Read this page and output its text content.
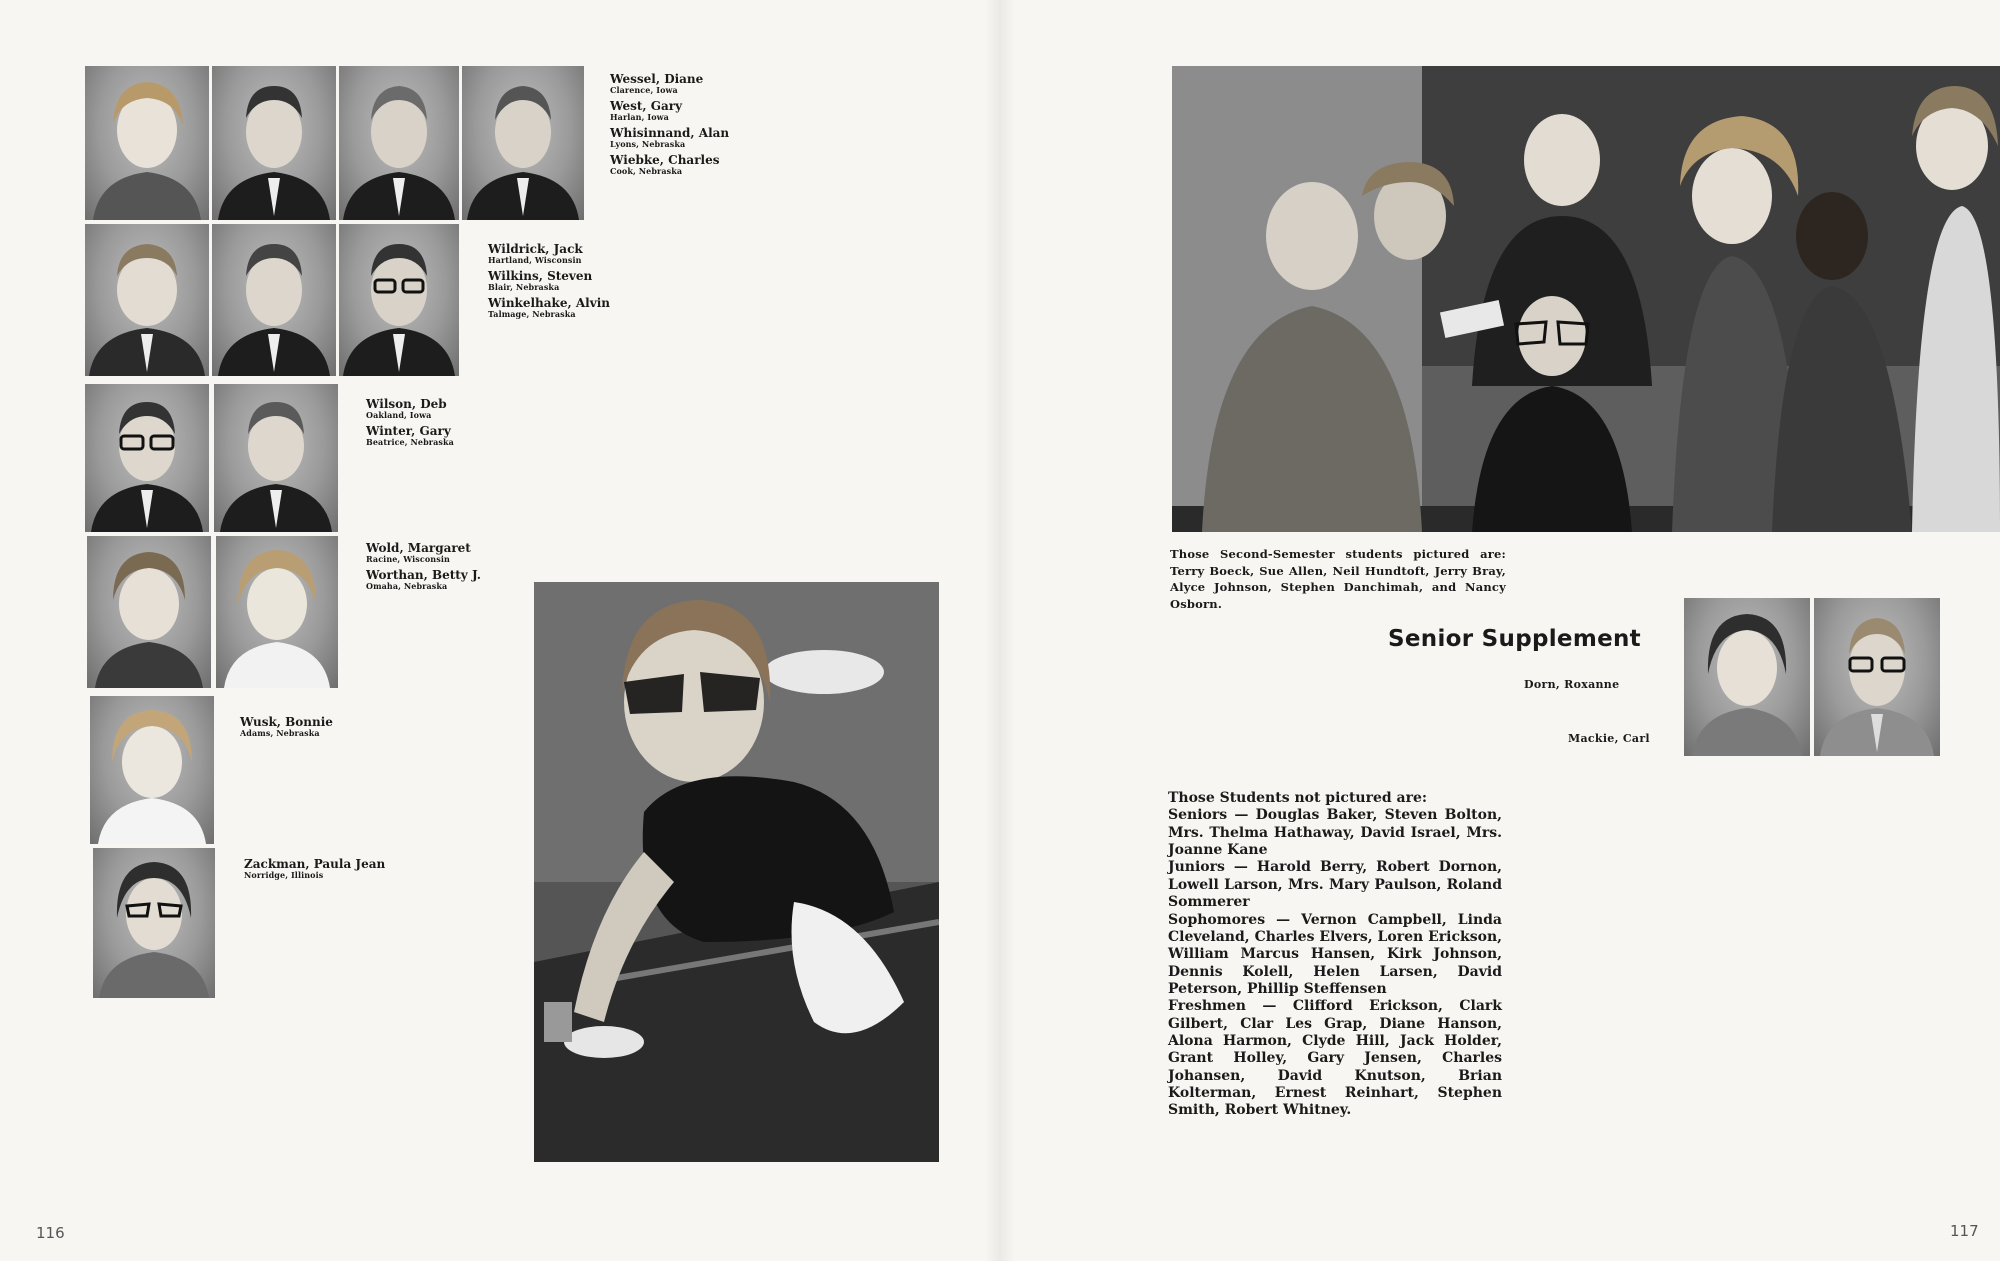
Wessel, Diane
Clarence, Iowa
West, Gary
Harlan, Iowa
Whisinnand, Alan
Lyons, Nebraska
Wiebke, Charles
Cook, Nebraska
Wildrick, Jack
Hartland, Wisconsin
Wilkins, Steven
Blair, Nebraska
Winkelhake, Alvin
Talmage, Nebraska
Wilson, Deb
Oakland, Iowa
Winter, Gary
Beatrice, Nebraska
Wold, Margaret
Racine, Wisconsin
Worthan, Betty J.
Omaha, Nebraska
Wusk, Bonnie
Adams, Nebraska
Zackman, Paula Jean
Norridge, Illinois
116
Those Second-Semester students pictured are: Terry Boeck, Sue Allen, Neil Hundtoft, Jerry Bray, Alyce Johnson, Stephen Danchimah, and Nancy Osborn.
Senior Supplement
Dorn, Roxanne
Mackie, Carl

Those Students not pictured are:

Seniors — Douglas Baker, Steven Bolton, Mrs. Thelma Hathaway, David Israel, Mrs. Joanne Kane

Juniors — Harold Berry, Robert Dornon, Lowell Larson, Mrs. Mary Paulson, Roland Sommerer

Sophomores — Vernon Campbell, Linda Cleveland, Charles Elvers, Loren Erickson, William Marcus Hansen, Kirk Johnson, Dennis Kolell, Helen Larsen, David Peterson, Phillip Steffensen

Freshmen — Clifford Erickson, Clark Gilbert, Clar Les Grap, Diane Hanson, Alona Harmon, Clyde Hill, Jack Holder, Grant Holley, Gary Jensen, Charles Johansen, David Knutson, Brian Kolterman, Ernest Reinhart, Stephen Smith, Robert Whitney.

117
